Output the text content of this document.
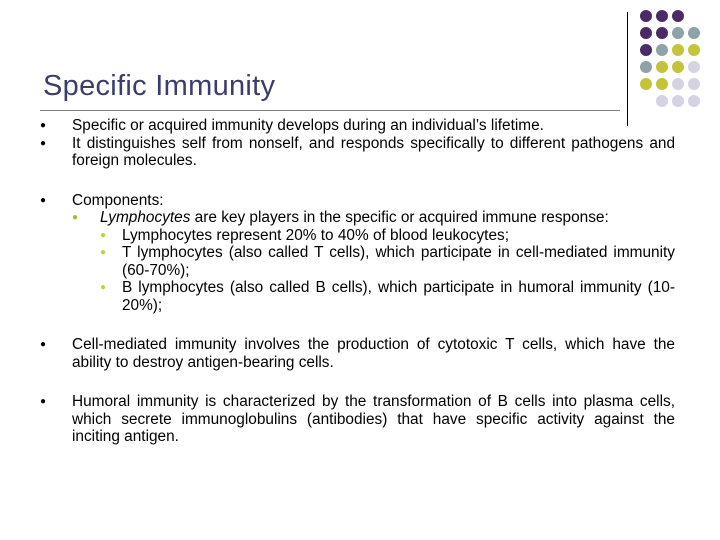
Specific Immunity
●
Specific or acquired immunity develops during an individual’s lifetime.
●
It distinguishes self from nonself, and responds specifically to different pathogens and foreign molecules.
●
Components:
●
Lymphocytes are key players in the specific or acquired immune response:
●
Lymphocytes represent 20% to 40% of blood leukocytes;
●
T lymphocytes (also called T cells), which participate in cell-mediated immunity (60-70%);
●
B lymphocytes (also called B cells), which participate in humoral immunity (10-20%);
●
Cell-mediated immunity involves the production of cytotoxic T cells, which have the ability to destroy antigen-bearing cells.
●
Humoral immunity is characterized by the transformation of B cells into plasma cells, which secrete immunoglobulins (antibodies) that have specific activity against the inciting antigen.
